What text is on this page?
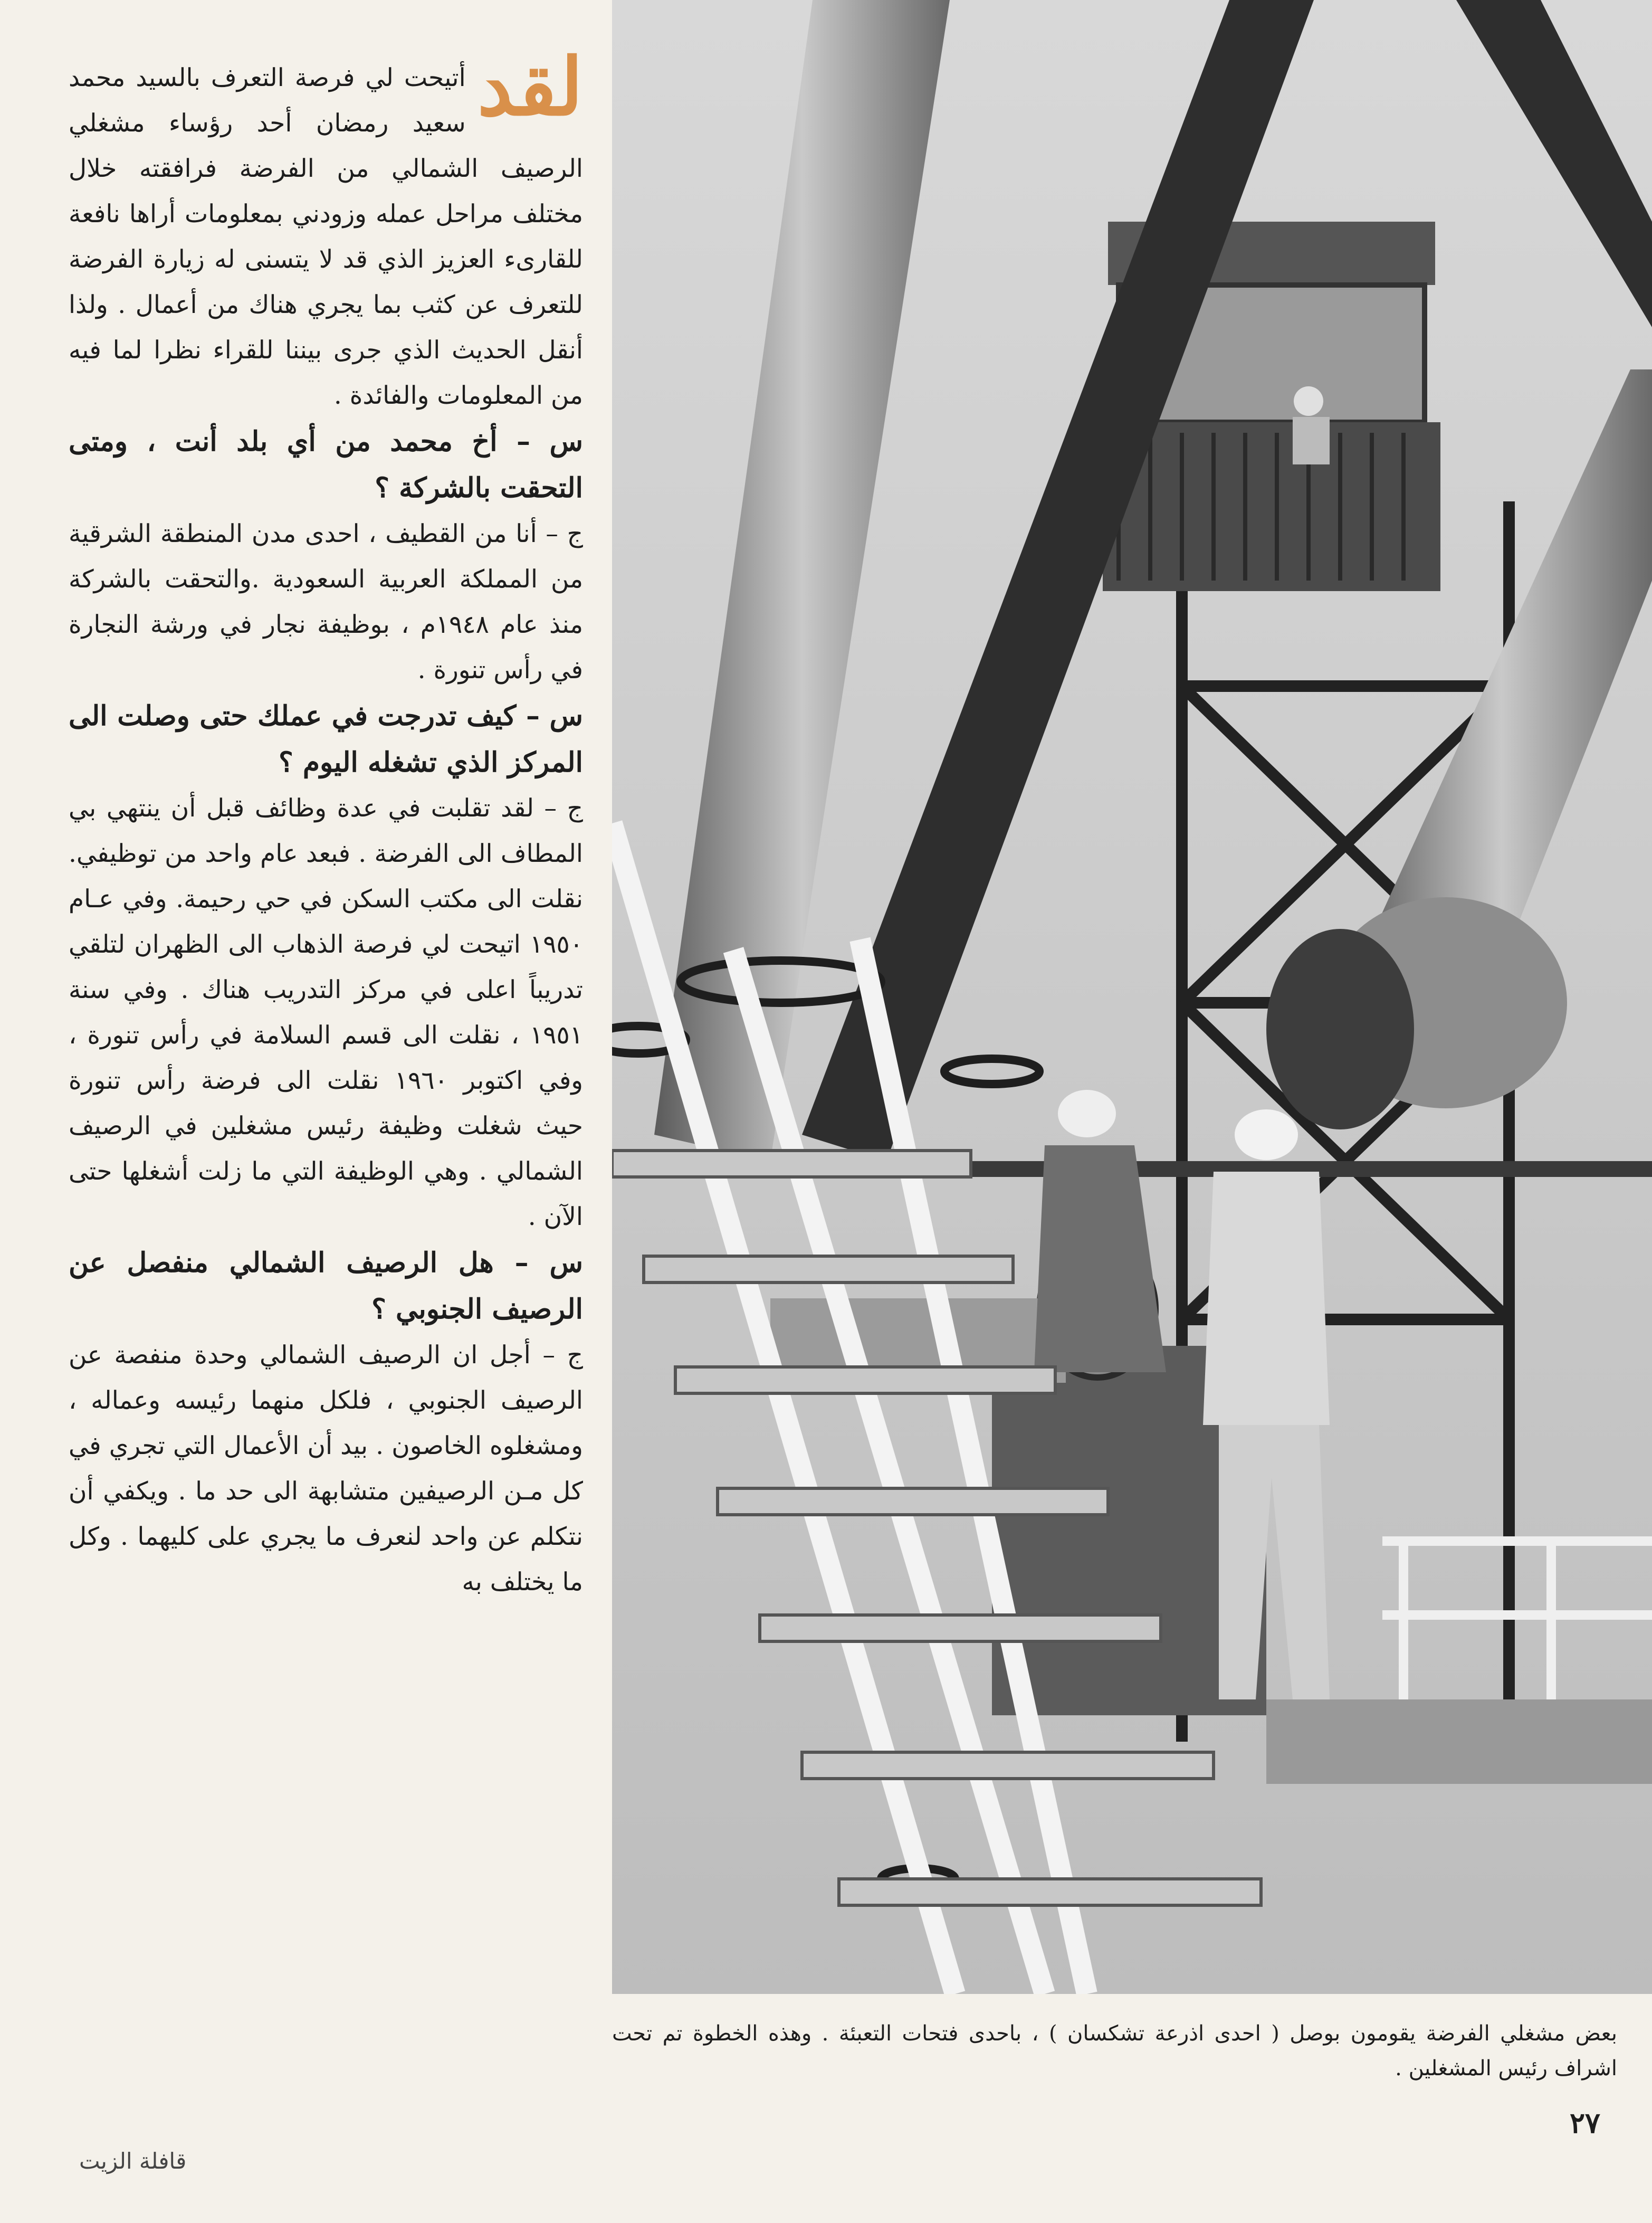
لقد

أتيحت لي فرصة التعرف بالسيد محمد سعيد رمضان أحد رؤساء مشغلي الرصيف الشمالي من الفرضة فرافقته خلال مختلف مراحل عمله وزودني بمعلومات أراها نافعة للقارىء العزيز الذي قد لا يتسنى له زيارة الفرضة للتعرف عن كثب بما يجري هناك من أعمال . ولذا أنقل الحديث الذي جرى بيننا للقراء نظرا لما فيه من المعلومات والفائدة .

س – أخ محمد من أي بلد أنت ، ومتى التحقت بالشركة ؟

ج – أنا من القطيف ، احدى مدن المنطقة الشرقية من المملكة العربية السعودية .والتحقت بالشركة منذ عام ١٩٤٨م ، بوظيفة نجار في ورشة النجارة في رأس تنورة .

س – كيف تدرجت في عملك حتى وصلت الى المركز الذي تشغله اليوم ؟

ج – لقد تقلبت في عدة وظائف قبل أن ينتهي بي المطاف الى الفرضة . فبعد عام واحد من توظيفي. نقلت الى مكتب السكن في حي رحيمة. وفي عـام ١٩٥٠ اتيحت لي فرصة الذهاب الى الظهران لتلقي تدريباً اعلى في مركز التدريب هناك . وفي سنة ١٩٥١ ، نقلت الى قسم السلامة في رأس تنورة ، وفي اكتوبر ١٩٦٠ نقلت الى فرضة رأس تنورة حيث شغلت وظيفة رئيس مشغلين في الرصيف الشمالي . وهي الوظيفة التي ما زلت أشغلها حتى الآن .

س – هل الرصيف الشمالي منفصل عن الرصيف الجنوبي ؟

ج – أجل ان الرصيف الشمالي وحدة منفصة عن الرصيف الجنوبي ، فلكل منهما رئيسه وعماله ، ومشغلوه الخاصون . بيد أن الأعمال التي تجري في كل مـن الرصيفين متشابهة الى حد ما . ويكفي أن نتكلم عن واحد لنعرف ما يجري على كليهما . وكل ما يختلف به

بعض مشغلي الفرضة يقومون بوصل ( احدى اذرعة تشكسان ) ، باحدى فتحات التعبئة . وهذه الخطوة تم تحت اشراف رئيس المشغلين .
٢٧
قافلة الزيت
